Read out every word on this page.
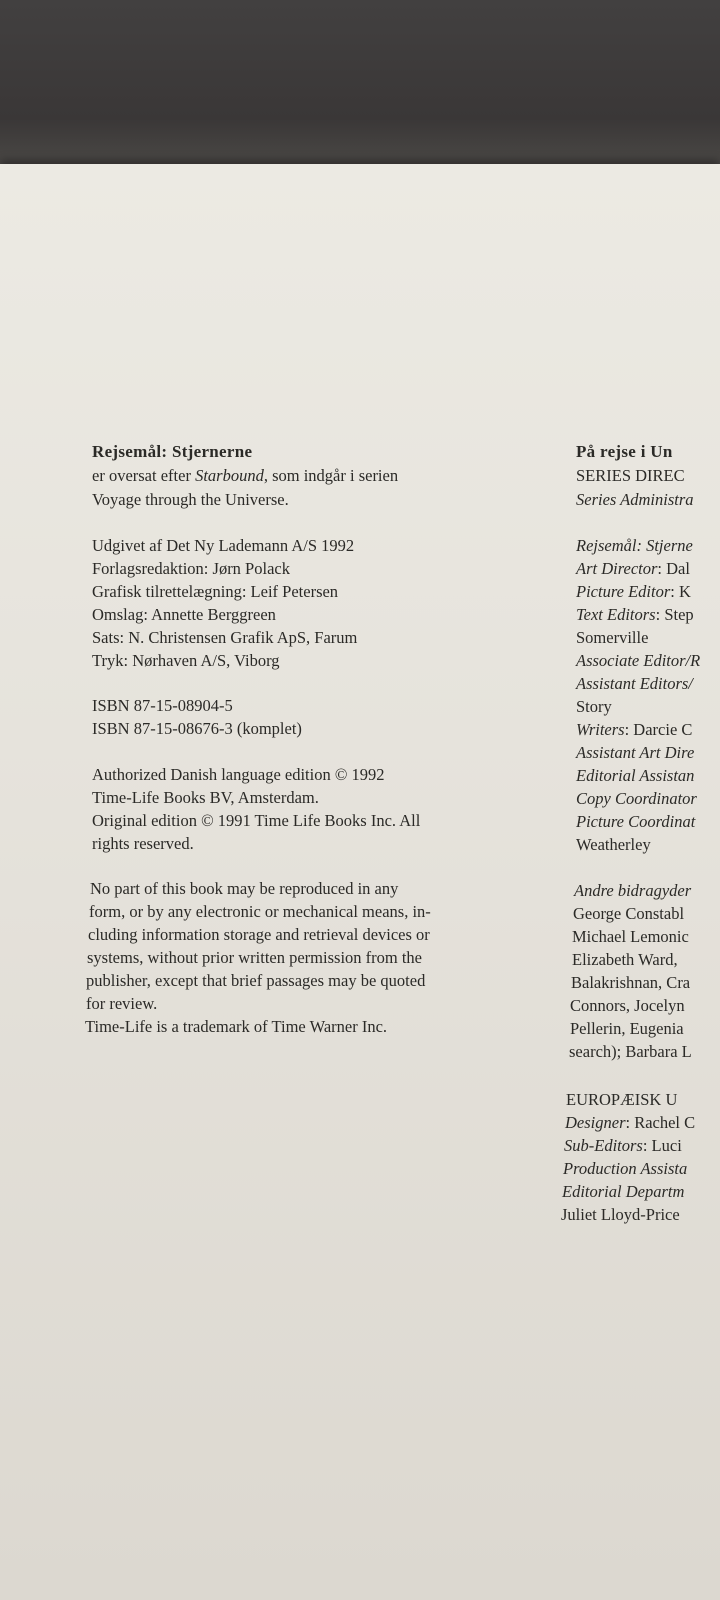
Rejsemål: Stjernerne
er oversat efter Starbound, som indgår i serien
Voyage through the Universe.
Udgivet af Det Ny Lademann A/S 1992
Forlagsredaktion: Jørn Polack
Grafisk tilrettelægning: Leif Petersen
Omslag: Annette Berggreen
Sats: N. Christensen Grafik ApS, Farum
Tryk: Nørhaven A/S, Viborg
ISBN 87-15-08904-5
ISBN 87-15-08676-3 (komplet)
Authorized Danish language edition © 1992
Time-Life Books BV, Amsterdam.
Original edition © 1991 Time Life Books Inc. All
rights reserved.
No part of this book may be reproduced in any
form, or by any electronic or mechanical means, in-
cluding information storage and retrieval devices or
systems, without prior written permission from the
publisher, except that brief passages may be quoted
for review.
Time-Life is a trademark of Time Warner Inc.
På rejse i Un
SERIES DIREC
Series Administra
Rejsemål: Stjerne
Art Director: Dal
Picture Editor: K
Text Editors: Step
Somerville
Associate Editor/R
Assistant Editors/
Story
Writers: Darcie C
Assistant Art Dire
Editorial Assistan
Copy Coordinator
Picture Coordinat
Weatherley
Andre bidragyder
George Constabl
Michael Lemonic
Elizabeth Ward,
Balakrishnan, Cra
Connors, Jocelyn
Pellerin, Eugenia
search); Barbara L
EUROPÆISK U
Designer: Rachel C
Sub-Editors: Luci
Production Assista
Editorial Departm
Juliet Lloyd-Price
